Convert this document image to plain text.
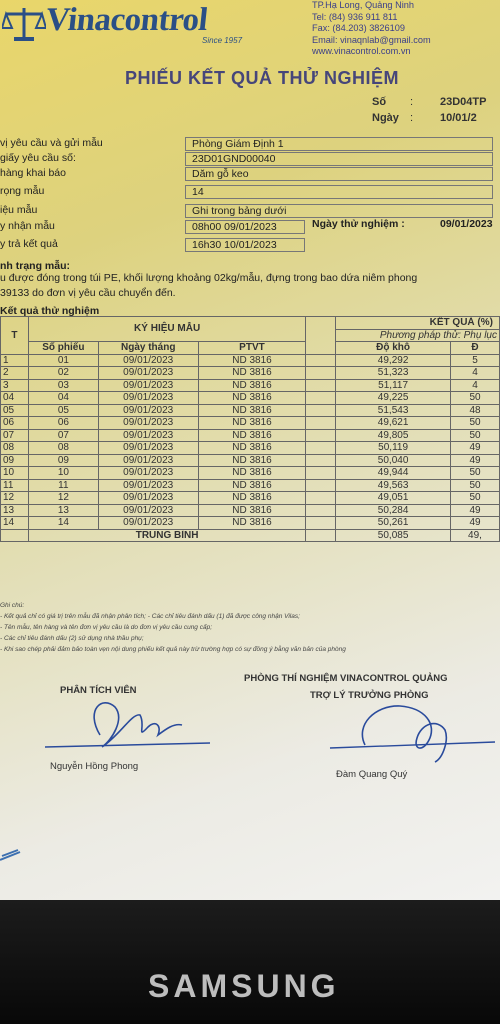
Vinacontrol
Since 1957
TP.Hạ Long, Quảng Ninh
Tel: (84) 936 911 811
Fax: (84.203) 3826109
Email: vinaqnlab@gmail.com
www.vinacontrol.com.vn
PHIẾU KẾT QUẢ THỬ NGHIỆM
Số : 23D04TP
Ngày : 10/01/2
vị yêu cầu và gửi mẫu	Phòng Giám Định 1
giấy yêu cầu số:	23D01GND00040
hàng khai báo	Dăm gỗ keo
rọng mẫu	14
iệu mẫu	Ghi trong bảng dưới
y nhận mẫu	08h00 09/01/2023	Ngày thử nghiệm :	09/01/2023
y trả kết quả	16h30 10/01/2023
nh trạng mẫu:
u được đóng trong túi PE, khối lượng khoảng 02kg/mẫu, đựng trong bao dứa niêm phong
39133 do đơn vị yêu cầu chuyển đến.
Kết quả thử nghiệm
T	KÝ HIỆU MẪU				KẾT QUẢ (%)	
					Phương pháp thử: Phụ lục	
	Số phiếu	Ngày tháng	PTVT		Độ khô	Đ
1	01	09/01/2023	ND 3816		49,292	5
2	02	09/01/2023	ND 3816		51,323	4
3	03	09/01/2023	ND 3816		51,117	4
04	04	09/01/2023	ND 3816		49,225	50
05	05	09/01/2023	ND 3816		51,543	48
06	06	09/01/2023	ND 3816		49,621	50
07	07	09/01/2023	ND 3816		49,805	50
08	08	09/01/2023	ND 3816		50,119	49
09	09	09/01/2023	ND 3816		50,040	49
10	10	09/01/2023	ND 3816		49,944	50
11	11	09/01/2023	ND 3816		49,563	50
12	12	09/01/2023	ND 3816		49,051	50
13	13	09/01/2023	ND 3816		50,284	49
14	14	09/01/2023	ND 3816		50,261	49
	TRUNG BÌNH				50,085	49,
Ghi chú:
- Kết quả chỉ có giá trị trên mẫu đã nhận phân tích; - Các chỉ tiêu đánh dấu (1) đã được công nhận Vilas;
- Tên mẫu, tên hàng và tên đơn vị yêu cầu là do đơn vị yêu cầu cung cấp;
- Các chỉ tiêu đánh dấu (2) sử dụng nhà thầu phụ;
- Khi sao chép phải đảm bảo toàn vẹn nội dung phiếu kết quả này trừ trường hợp có sự đồng ý bằng văn bản của phòng
PHÒNG THÍ NGHIỆM VINACONTROL QUẢNG
PHÂN TÍCH VIÊN	TRỢ LÝ TRƯỞNG PHÒNG
Nguyễn Hồng Phong
Đàm Quang Quý
SAMSUNG
